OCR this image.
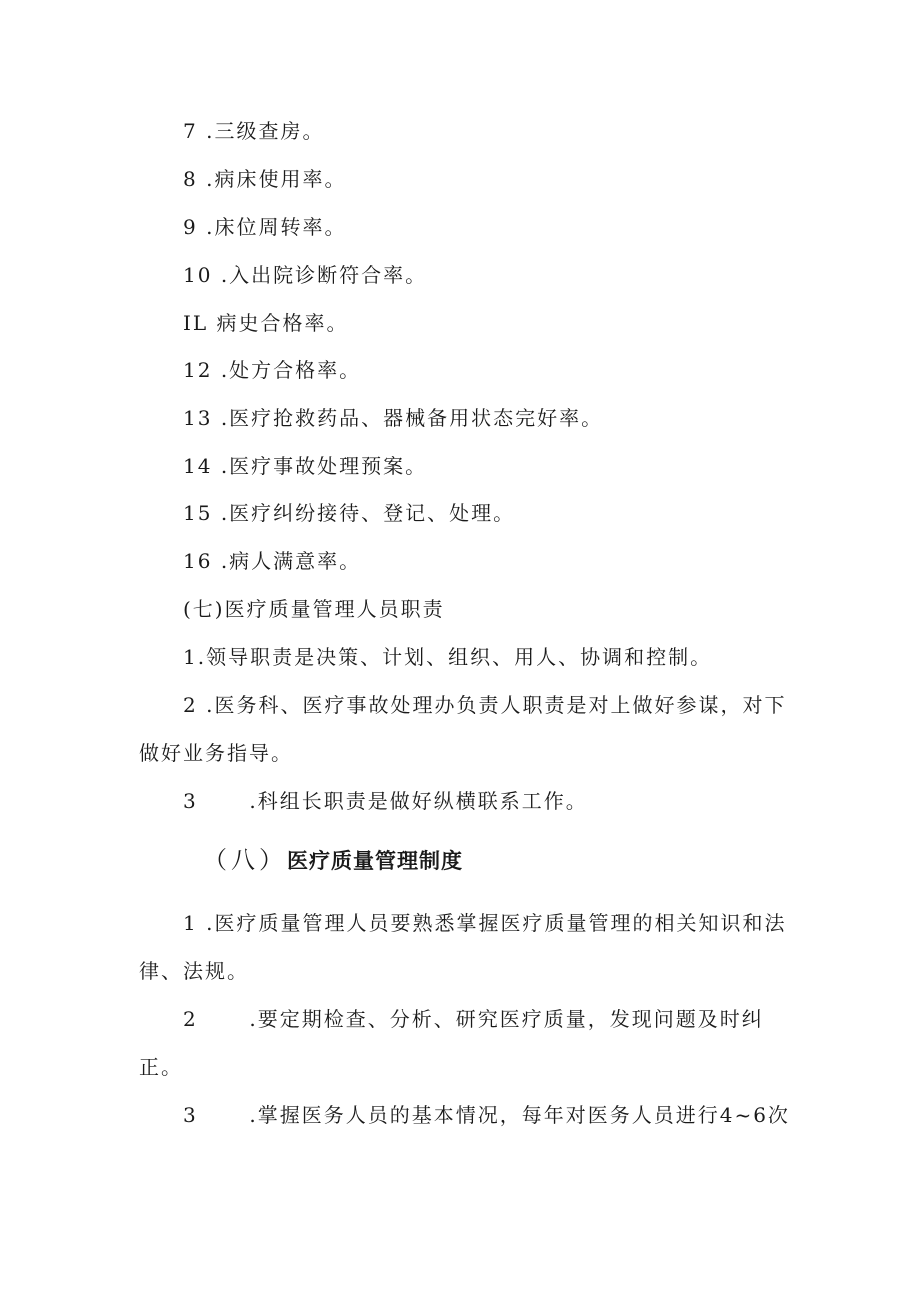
7 .三级查房。
8 .病床使用率。
9 .床位周转率。
10 .入出院诊断符合率。
IL 病史合格率。
12 .处方合格率。
13 .医疗抢救药品、器械备用状态完好率。
14 .医疗事故处理预案。
15 .医疗纠纷接待、登记、处理。
16 .病人满意率。
(七)医疗质量管理人员职责
1.领导职责是决策、计划、组织、用人、协调和控制。
2 .医务科、医疗事故处理办负责人职责是对上做好参谋，对下
做好业务指导。
3	.科组长职责是做好纵横联系工作。
（八）医疗质量管理制度
1 .医疗质量管理人员要熟悉掌握医疗质量管理的相关知识和法
律、法规。
2	.要定期检查、分析、研究医疗质量，发现问题及时纠
正。
3	.掌握医务人员的基本情况，每年对医务人员进行4~6次
